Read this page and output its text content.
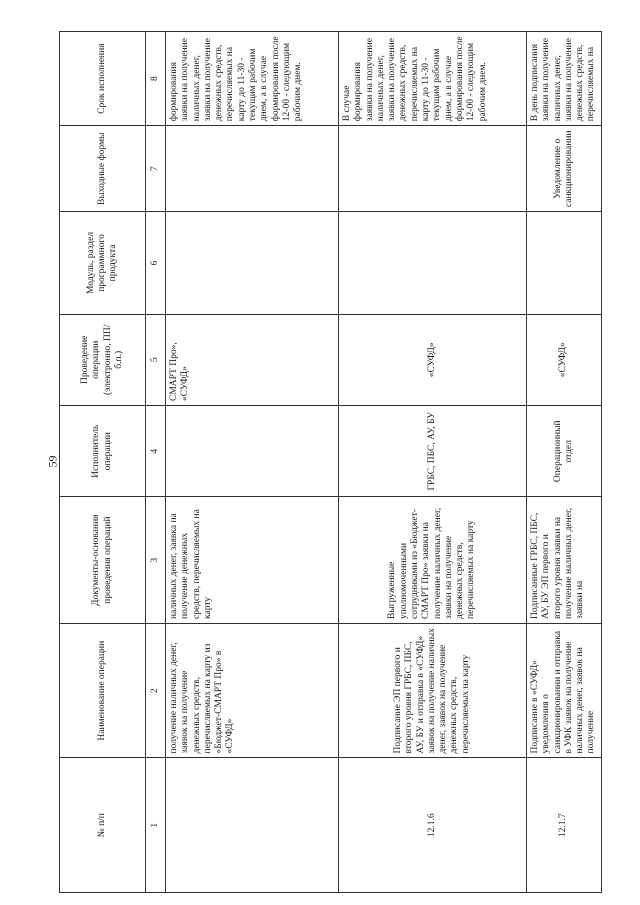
59
№ п/п	Наименование операции	Документы-основания проведения операций	Исполнитель операции	Проведение операции (электронно, ПП/б.п.)	Модуль, раздел программного продукта	Выходные формы	Срок исполнения
1	2	3	4	5	6	7	8
	получение наличных денег, заявок на получение денежных средств, перечисляемых на карту из «Бюджет-СМАРТ Про» в «СУФД»	наличных денег, заявка на получение денежных средств, перечисляемых на карту		СМАРТ Про», «СУФД»			формирования заявки на получение наличных денег, заявки на получение денежных средств, перечисляемых на карту до 11-30 - текущим рабочим днем, а в случае формирования после 12-00 - следующим рабочим днем.
12.1.6	Подписание ЭП первого и второго уровня ГРБС, ПБС, АУ, БУ и отправка в «СУФД» заявок на получение наличных денег, заявок на получение денежных средств, перечисляемых на карту	Выгруженные уполномоченными сотрудниками из «Бюджет-СМАРТ Про» заявки на получение наличных денег, заявки на получение денежных средств, перечисляемых на карту	ГРБС, ПБС, АУ, БУ	«СУФД»			В случае формирования заявки на получение наличных денег, заявки на получение денежных средств, перечисляемых на карту до 11-30 - текущим рабочим днем, а в случае формирования после 12-00 - следующим рабочим днем.
12.1.7	Подписание в «СУФД» уведомления о санкционировании и отправка в УФК заявок на получение наличных денег, заявок на получение	Подписанные ГРБС, ПБС, АУ, БУ ЭП первого и второго уровня заявки на получение наличных денег, заявки на	Операционный отдел	«СУФД»		Уведомление о санкционировании	В день подписания заявки на получение наличных денег, заявки на получение денежных средств, перечисляемых на
